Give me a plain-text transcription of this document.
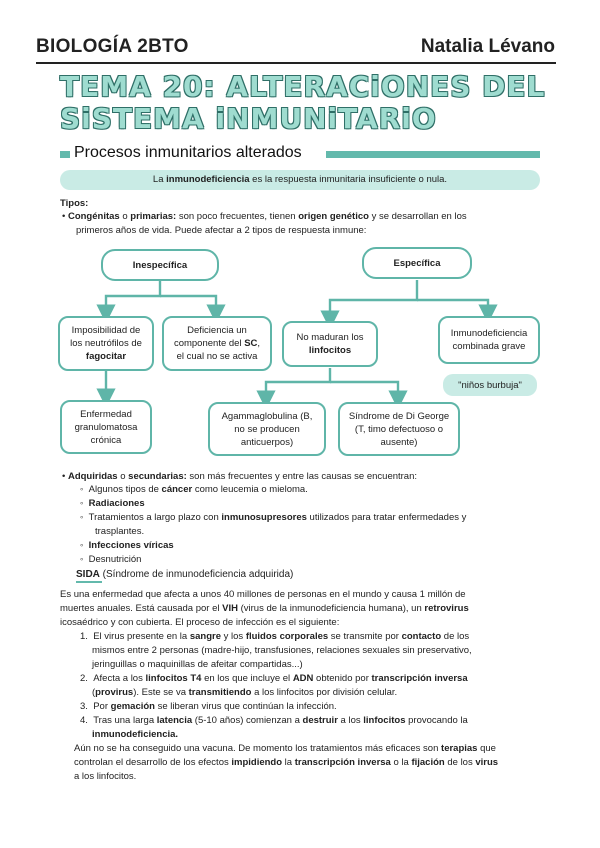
BIOLOGÍA 2BTO	Natalia Lévano
TEMA 20: ALTERACiONES DEL
SiSTEMA iNMUNiTARiO
Procesos inmunitarios alterados
La inmunodeficiencia es la respuesta inmunitaria insuficiente o nula.
Tipos:
• Congénitas o primarias: son poco frecuentes, tienen origen genético y se desarrollan en los
primeros años de vida. Puede afectar a 2 tipos de respuesta inmune:
Inespecífica	Específica
Imposibilidad de
los neutrófilos de
fagocitar
Deficiencia un
componente del SC,
el cual no se activa
No maduran los
linfocitos
Inmunodeficiencia
combinada grave
"niños burbuja"
Enfermedad
granulomatosa
crónica
Agammaglobulina (B,
no se producen
anticuerpos)
Síndrome de Di George
(T, timo defectuoso o
ausente)
• Adquiridas o secundarias: son más frecuentes y entre las causas se encuentran:
◦  Algunos tipos de cáncer como leucemia o mieloma.
◦  Radiaciones
◦  Tratamientos a largo plazo con inmunosupresores utilizados para tratar enfermedades y
trasplantes.
◦  Infecciones víricas
◦  Desnutrición
SIDA (Síndrome de inmunodeficiencia adquirida)
Es una enfermedad que afecta a unos 40 millones de personas en el mundo y causa 1 millón de
muertes anuales. Está causada por el VIH (virus de la inmunodeficiencia humana), un retrovirus
icosaédrico y con cubierta. El proceso de infección es el siguiente:
1.  El virus presente en la sangre y los fluidos corporales se transmite por contacto de los
mismos entre 2 personas (madre-hijo, transfusiones, relaciones sexuales sin preservativo,
jeringuillas o maquinillas de afeitar compartidas...)
2.  Afecta a los linfocitos T4 en los que incluye el ADN obtenido por transcripción inversa
(provirus). Este se va transmitiendo a los linfocitos por división celular.
3.  Por gemación se liberan virus que continúan la infección.
4.  Tras una larga latencia (5-10 años) comienzan a destruir a los linfocitos provocando la
inmunodeficiencia.
Aún no se ha conseguido una vacuna. De momento los tratamientos más eficaces son terapias que
controlan el desarrollo de los efectos impidiendo la transcripción inversa o la fijación de los virus
a los linfocitos.
